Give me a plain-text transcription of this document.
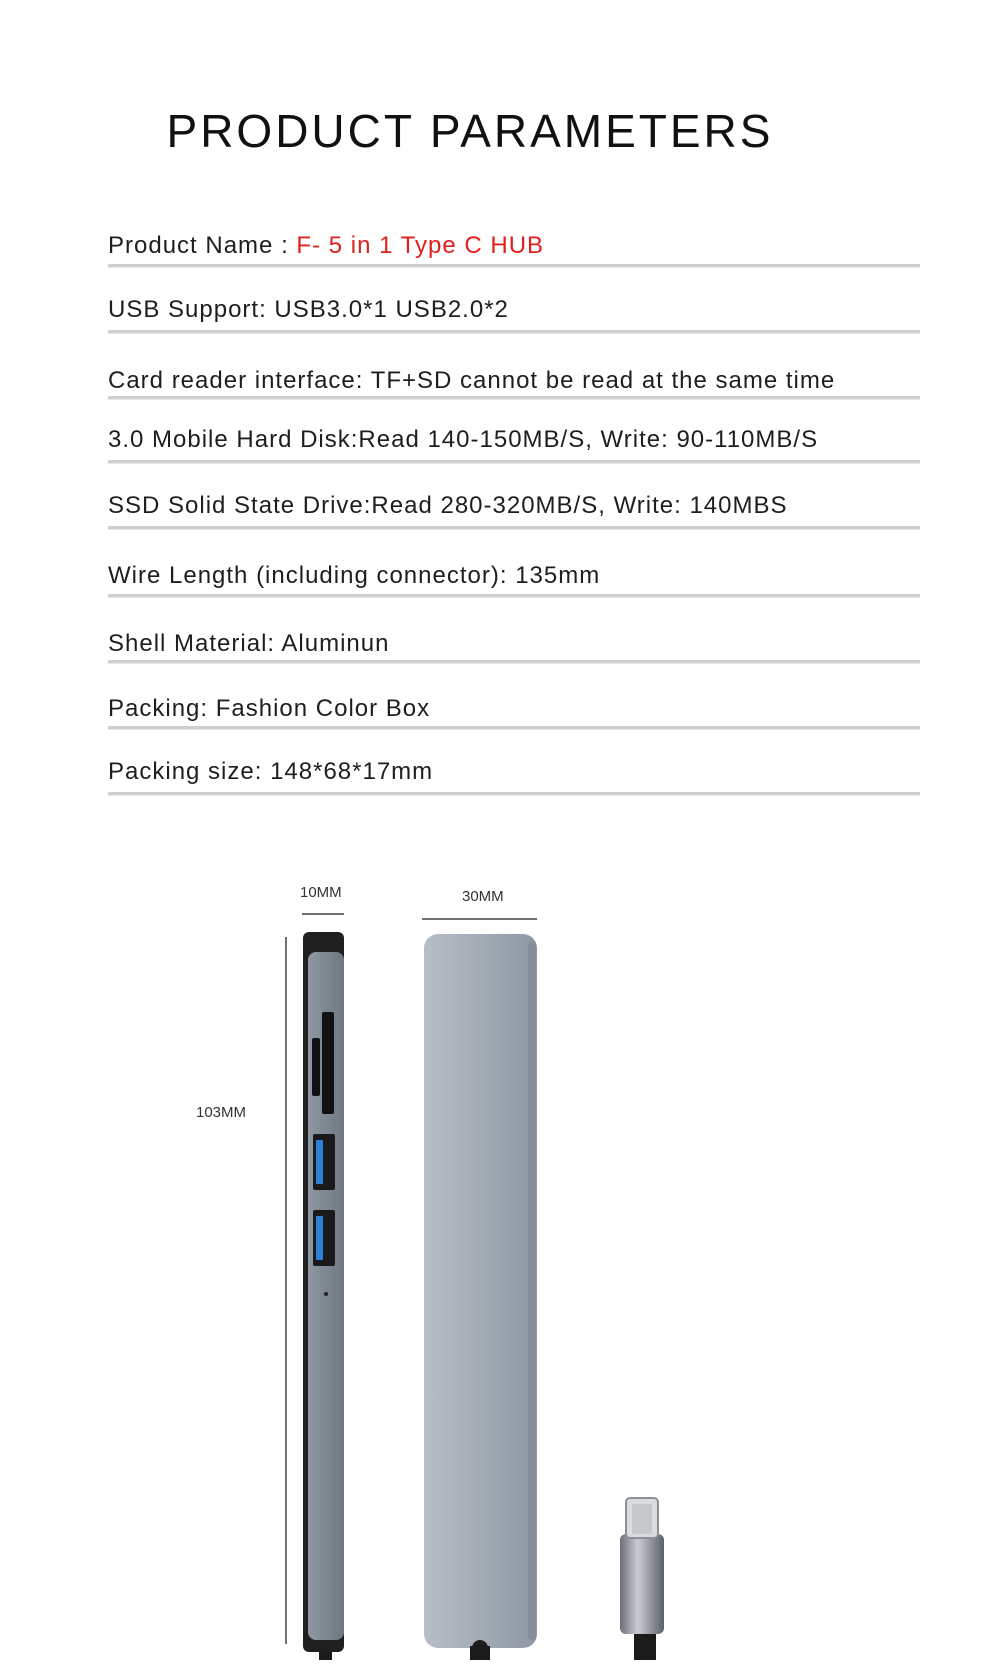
PRODUCT PARAMETERS
Product Name : F- 5 in 1 Type C HUB
USB Support: USB3.0*1 USB2.0*2
Card reader interface: TF+SD cannot be read at the same time
3.0 Mobile Hard Disk:Read 140-150MB/S, Write: 90-110MB/S
SSD Solid State Drive:Read 280-320MB/S, Write: 140MBS
Wire Length (including connector): 135mm
Shell Material: Aluminun
Packing: Fashion Color Box
Packing size: 148*68*17mm
10MM	30MM
103MM
